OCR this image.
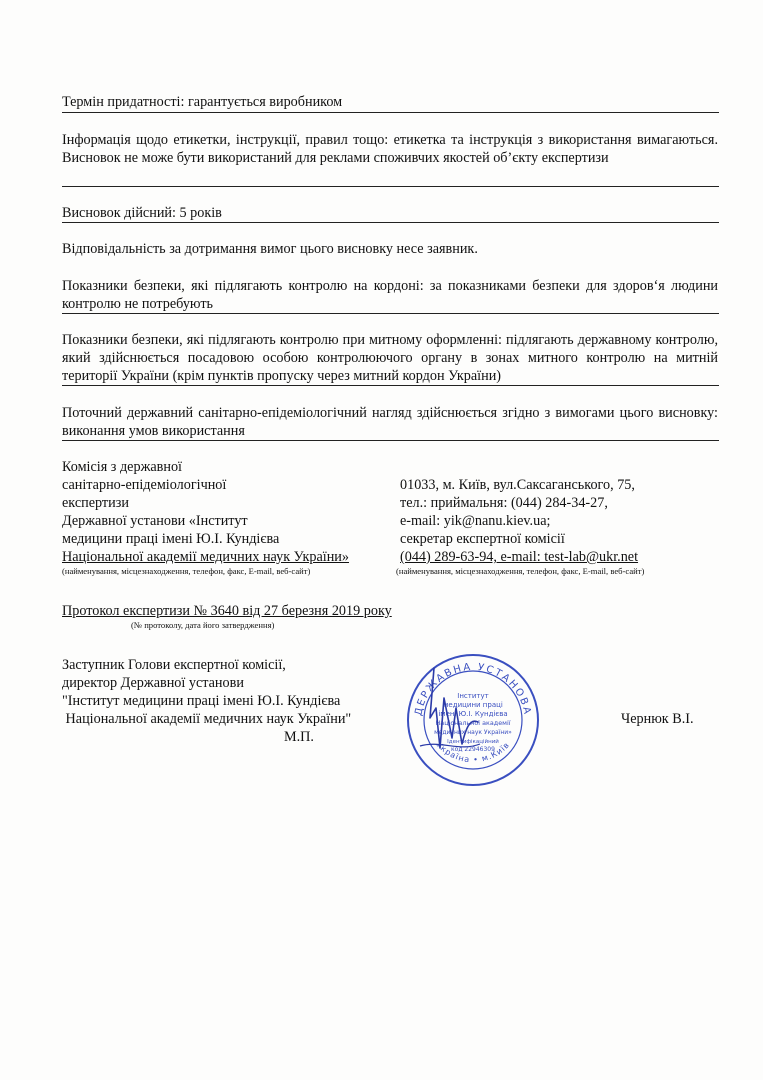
Термін придатності: гарантується виробником
Інформація щодо етикетки, інструкції, правил тощо: етикетка та інструкція з використання вимагаються. Висновок не може бути використаний для реклами споживчих якостей об’єкту експертизи
Висновок дійсний: 5 років
Відповідальність за дотримання вимог цього висновку несе заявник.
Показники безпеки, які підлягають контролю на кордоні: за показниками безпеки для здоров‘я людини контролю не потребують
Показники безпеки, які підлягають контролю при митному оформленні: підлягають державному контролю, який здійснюється посадовою особою контролюючого органу в зонах митного контролю на митній території України (крім пунктів пропуску через митний кордон України)
Поточний державний санітарно-епідеміологічний нагляд здійснюється згідно з вимогами цього висновку: виконання умов використання
Комісія з державної
санітарно-епідеміологічної
експертизи
Державної установи «Інститут
медицини праці імені Ю.І. Кундієва
Національної академії медичних наук України»
01033, м. Київ, вул.Саксаганського, 75,
тел.: приймальня: (044) 284-34-27,
e-mail: yik@nanu.kiev.ua;
секретар експертної комісії
(044) 289-63-94, e-mail: test-lab@ukr.net
(найменування, місцезнаходження, телефон, факс, E-mail, веб-сайт)	(найменування, місцезнаходження, телефон, факс, E-mail, веб-сайт)
Протокол експертизи № 3640 від 27 березня 2019 року
(№ протоколу, дата його затвердження)
Заступник Голови експертної комісії,
директор Державної установи
"Інститут медицини праці імені Ю.І. Кундієва
Національної академії медичних наук України"
М.П.
Чернюк В.І.
ДЕРЖАВНА УСТАНОВА
Україна • м.Київ
Інститут
медицини праці
імені Ю.І. Кундієва
Національної академії
медичних наук України»
Ідентифікаційний
код 22946309
